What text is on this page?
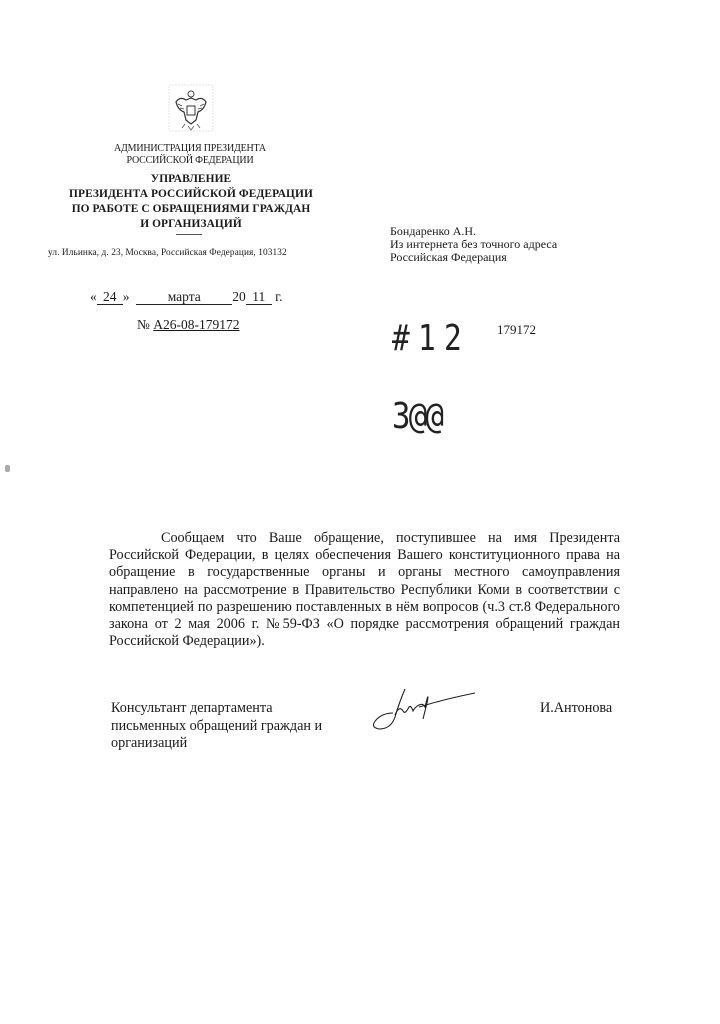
АДМИНИСТРАЦИЯ ПРЕЗИДЕНТА
РОССИЙСКОЙ ФЕДЕРАЦИИ
УПРАВЛЕНИЕ
ПРЕЗИДЕНТА РОССИЙСКОЙ ФЕДЕРАЦИИ
ПО РАБОТЕ С ОБРАЩЕНИЯМИ ГРАЖДАН
И ОРГАНИЗАЦИЙ
ул. Ильинка, д. 23, Москва, Российская Федерация, 103132
Бондаренко А.Н.
Из интернета без точного адреса
Российская Федерация
« 24 »	марта 20 11 г.
№ А26-08-179172	#12 179172
3@@

Сообщаем что Ваше обращение, поступившее на имя Президента Российской Федерации, в целях обеспечения Вашего конституционного права на обращение в государственные органы и органы местного самоуправления направлено на рассмотрение в Правительство Республики Коми в соответствии с компетенцией по разрешению поставленных в нём вопросов (ч.3 ст.8 Федерального закона от 2 мая 2006 г. №59-ФЗ «О порядке рассмотрения обращений граждан Российской Федерации»).

Консультант департамента
письменных обращений граждан и
организаций
И.Антонова
